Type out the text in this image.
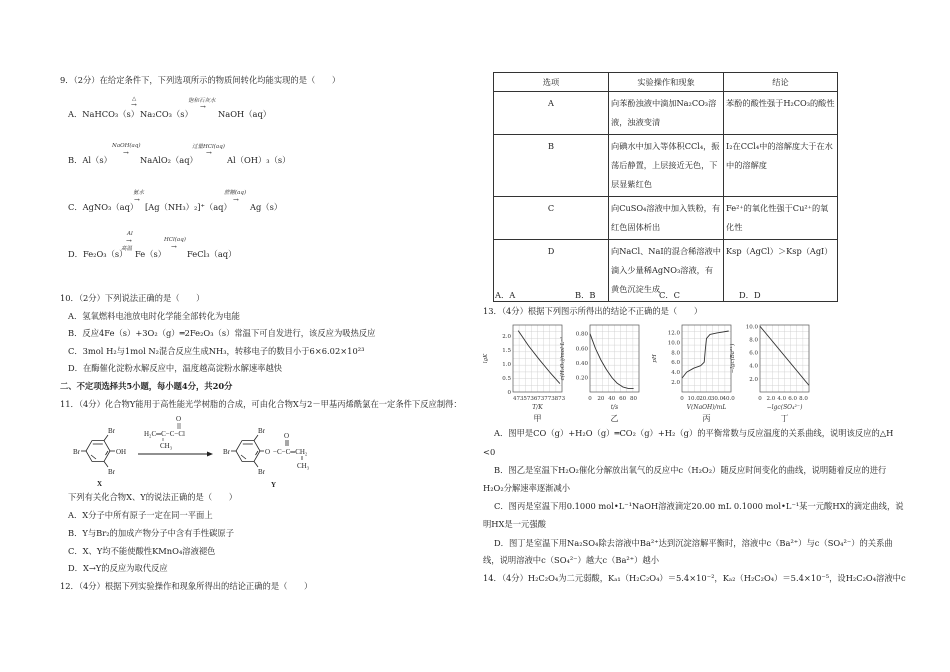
9．（2分）在给定条件下，下列选项所示的物质间转化均能实现的是（　　）
A．NaHCO₃（s）
△
→
Na₂CO₃（s）
饱和石灰水
→
NaOH（aq）
B．Al（s）
NaOH(aq)
→
NaAlO₂（aq）
过量HCl(aq)
→
Al（OH）₃（s）
C．AgNO₃（aq）
氨水
→
[Ag（NH₃）₂]⁺（aq）
蔗糖(aq)
→
Ag（s）
D．Fe₂O₃（s）
Al
→
高温 Fe（s）
HCl(aq)
→
FeCl₃（aq）
10．（2分）下列说法正确的是（　　）
A．氢氧燃料电池放电时化学能全部转化为电能
B．反应4Fe（s）+3O₂（g）═2Fe₂O₃（s）常温下可自发进行，该反应为吸热反应
C．3mol H₂与1mol N₂混合反应生成NH₃，转移电子的数目小于6×6.02×10²³
D．在酶催化淀粉水解反应中，温度越高淀粉水解速率越快
二、不定项选择共5小题，每小题4分，共20分
11．（4分）化合物Y能用于高性能光学树脂的合成，可由化合物X与2－甲基丙烯酰氯在一定条件下反应制得：
Br
OH
Br
Br
X
H₂C═C−C−Cl
O
CH₃
O −C−C═CH₂
O
CH₃
Br
Br
Br
Y
下列有关化合物X、Y的说法正确的是（　　）
A．X分子中所有原子一定在同一平面上
B．Y与Br₂的加成产物分子中含有手性碳原子
C．X、Y均不能使酸性KMnO₄溶液褪色
D．X→Y的反应为取代反应
12．（4分）根据下列实验操作和现象所得出的结论正确的是（　　）
选项	实验操作和现象	结论
A	向苯酚浊液中滴加Na₂CO₃溶液，浊液变清	苯酚的酸性强于H₂CO₃的酸性
B	向碘水中加入等体积CCl₄，振荡后静置，上层接近无色，下层显紫红色	I₂在CCl₄中的溶解度大于在水中的溶解度
C	向CuSO₄溶液中加入铁粉，有红色固体析出	Fe²⁺的氧化性强于Cu²⁺的氧化性
D	向NaCl、NaI的混合稀溶液中滴入少量稀AgNO₃溶液，有黄色沉淀生成	Ksp（AgCl）＞Ksp（AgI）
A．A	B．B	C．C	D．D
13．（4分）根据下列图示所得出的结论不正确的是（　　）
473 573 673 773 873
0
0.5
1.0
1.5
2.0
T/K
lgK
甲
0 20 40 60 80
0.20
0.40
0.60
0.80
t/s
c(H₂O₂)/mol·L⁻¹
乙
0 10.0 20.0 30.0 40.0
2.0
4.0
6.0
8.0
10.0
12.0
V(NaOH)/mL
pH
丙
0 2.0 4.0 6.0 8.0
2.0
4.0
6.0
8.0
10.0
−lgc(SO₄²⁻)
−lgc(Ba²⁺)
丁
A．图甲是CO（g）+H₂O（g）═CO₂（g）+H₂（g）的平衡常数与反应温度的关系曲线，说明该反应的△H
<0
B．图乙是室温下H₂O₂催化分解放出氧气的反应中c（H₂O₂）随反应时间变化的曲线，说明随着反应的进行
H₂O₂分解速率逐渐减小
C．图丙是室温下用0.1000 mol•L⁻¹NaOH溶液滴定20.00 mL 0.1000 mol•L⁻¹某一元酸HX的滴定曲线，说
明HX是一元强酸
D．图丁是室温下用Na₂SO₄除去溶液中Ba²⁺达到沉淀溶解平衡时，溶液中c（Ba²⁺）与c（SO₄²⁻）的关系曲
线，说明溶液中c（SO₄²⁻）越大c（Ba²⁺）越小
14．（4分）H₂C₂O₄为二元弱酸，Kₐ₁（H₂C₂O₄）＝5.4×10⁻²，Kₐ₂（H₂C₂O₄）＝5.4×10⁻⁵，设H₂C₂O₄溶液中c
